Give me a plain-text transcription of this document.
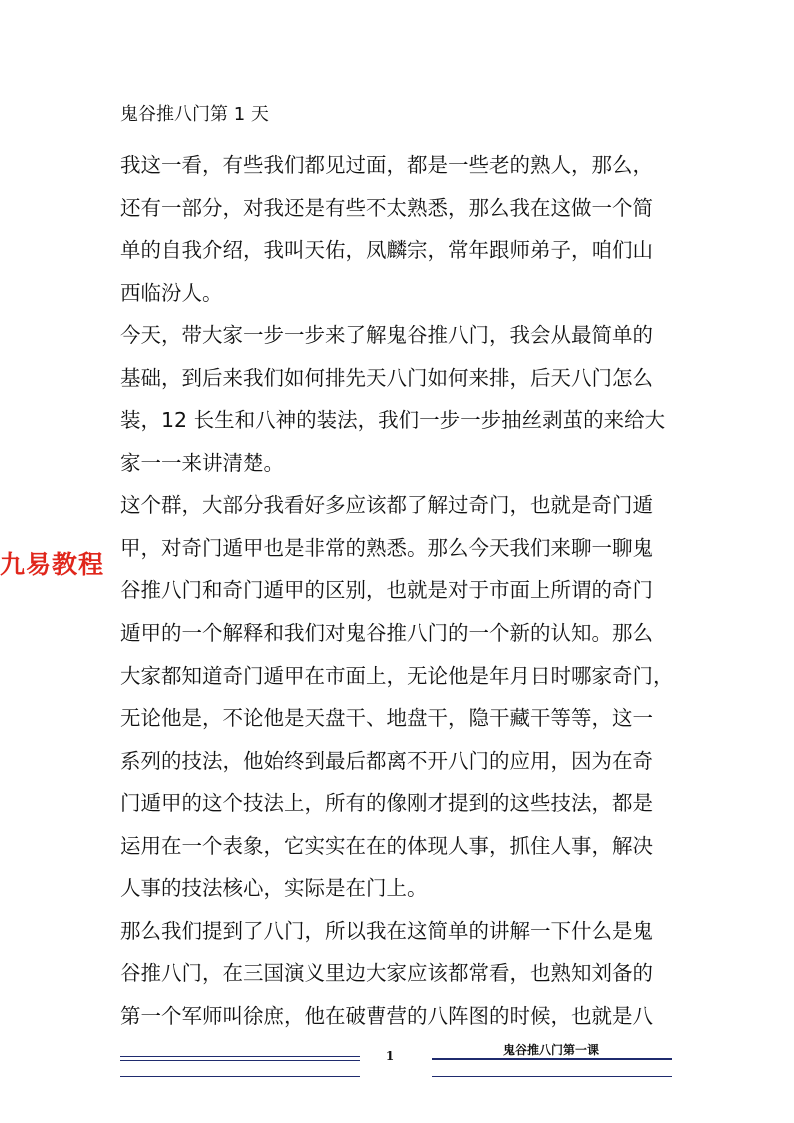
鬼谷推八门第 1 天
我这一看，有些我们都见过面，都是一些老的熟人，那么，
还有一部分，对我还是有些不太熟悉，那么我在这做一个简
单的自我介绍，我叫天佑，凤麟宗，常年跟师弟子，咱们山
西临汾人。
今天，带大家一步一步来了解鬼谷推八门，我会从最简单的
基础，到后来我们如何排先天八门如何来排，后天八门怎么
装，12 长生和八神的装法，我们一步一步抽丝剥茧的来给大
家一一来讲清楚。
这个群，大部分我看好多应该都了解过奇门，也就是奇门遁
甲，对奇门遁甲也是非常的熟悉。那么今天我们来聊一聊鬼
谷推八门和奇门遁甲的区别，也就是对于市面上所谓的奇门
遁甲的一个解释和我们对鬼谷推八门的一个新的认知。那么
大家都知道奇门遁甲在市面上，无论他是年月日时哪家奇门，
无论他是，不论他是天盘干、地盘干，隐干藏干等等，这一
系列的技法，他始终到最后都离不开八门的应用，因为在奇
门遁甲的这个技法上，所有的像刚才提到的这些技法，都是
运用在一个表象，它实实在在的体现人事，抓住人事，解决
人事的技法核心，实际是在门上。
那么我们提到了八门，所以我在这简单的讲解一下什么是鬼
谷推八门，在三国演义里边大家应该都常看，也熟知刘备的
第一个军师叫徐庶，他在破曹营的八阵图的时候，也就是八
九易教程
1	鬼谷推八门第一课
